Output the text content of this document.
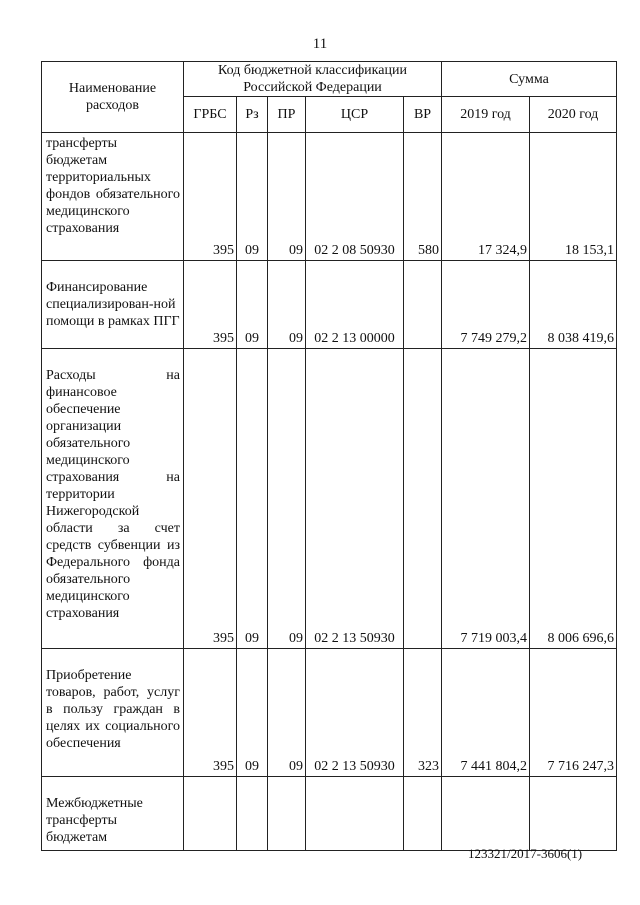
11
Наименование расходов	Код бюджетной классификации Российской Федерации					Сумма	
	ГРБС	Рз	ПР	ЦСР	ВР	2019 год	2020 год
трансферты бюджетам территориальных фондов обязательного медицинского страхования	395	09	09	02 2 08 50930	580	17 324,9	18 153,1
Финансирование специализирован-ной помощи в рамках ПГГ	395	09	09	02 2 13 00000		7 749 279,2	8 038 419,6
Расходы на финансовое обеспечение организации обязательного медицинского страхования на территории Нижегородской области за счет средств субвенции из Федерального фонда обязательного медицинского страхования	395	09	09	02 2 13 50930		7 719 003,4	8 006 696,6
Приобретение товаров, работ, услуг в пользу граждан в целях их социального обеспечения	395	09	09	02 2 13 50930	323	7 441 804,2	7 716 247,3
Межбюджетные трансферты бюджетам							
123321/2017-3606(1)
